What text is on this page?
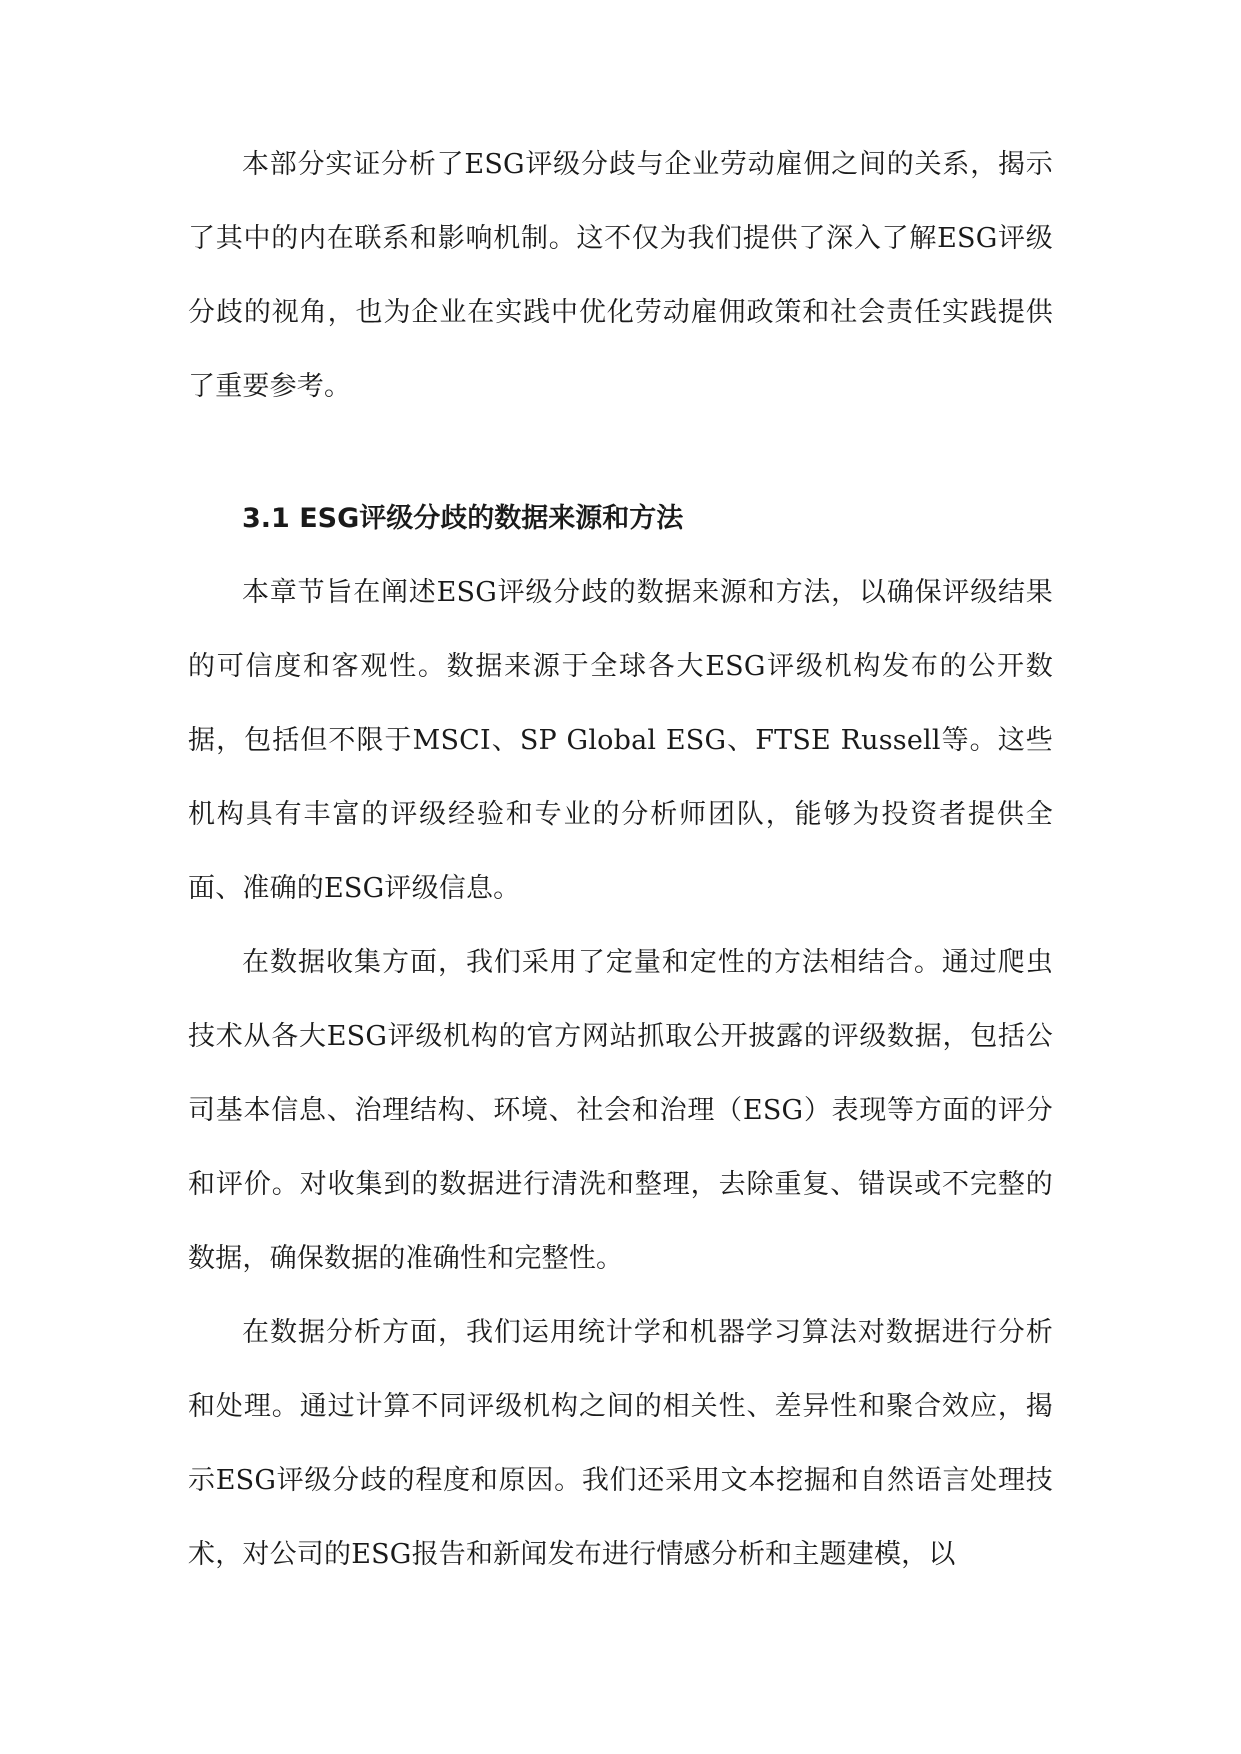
本部分实证分析了ESG评级分歧与企业劳动雇佣之间的关系，揭示了其中的内在联系和影响机制。这不仅为我们提供了深入了解ESG评级分歧的视角，也为企业在实践中优化劳动雇佣政策和社会责任实践提供了重要参考。

3.1 ESG评级分歧的数据来源和方法

本章节旨在阐述ESG评级分歧的数据来源和方法，以确保评级结果的可信度和客观性。数据来源于全球各大ESG评级机构发布的公开数据，包括但不限于MSCI、SP Global ESG、FTSE Russell等。这些机构具有丰富的评级经验和专业的分析师团队，能够为投资者提供全面、准确的ESG评级信息。

在数据收集方面，我们采用了定量和定性的方法相结合。通过爬虫技术从各大ESG评级机构的官方网站抓取公开披露的评级数据，包括公司基本信息、治理结构、环境、社会和治理（ESG）表现等方面的评分和评价。对收集到的数据进行清洗和整理，去除重复、错误或不完整的数据，确保数据的准确性和完整性。

在数据分析方面，我们运用统计学和机器学习算法对数据进行分析和处理。通过计算不同评级机构之间的相关性、差异性和聚合效应，揭示ESG评级分歧的程度和原因。我们还采用文本挖掘和自然语言处理技术，对公司的ESG报告和新闻发布进行情感分析和主题建模，以
